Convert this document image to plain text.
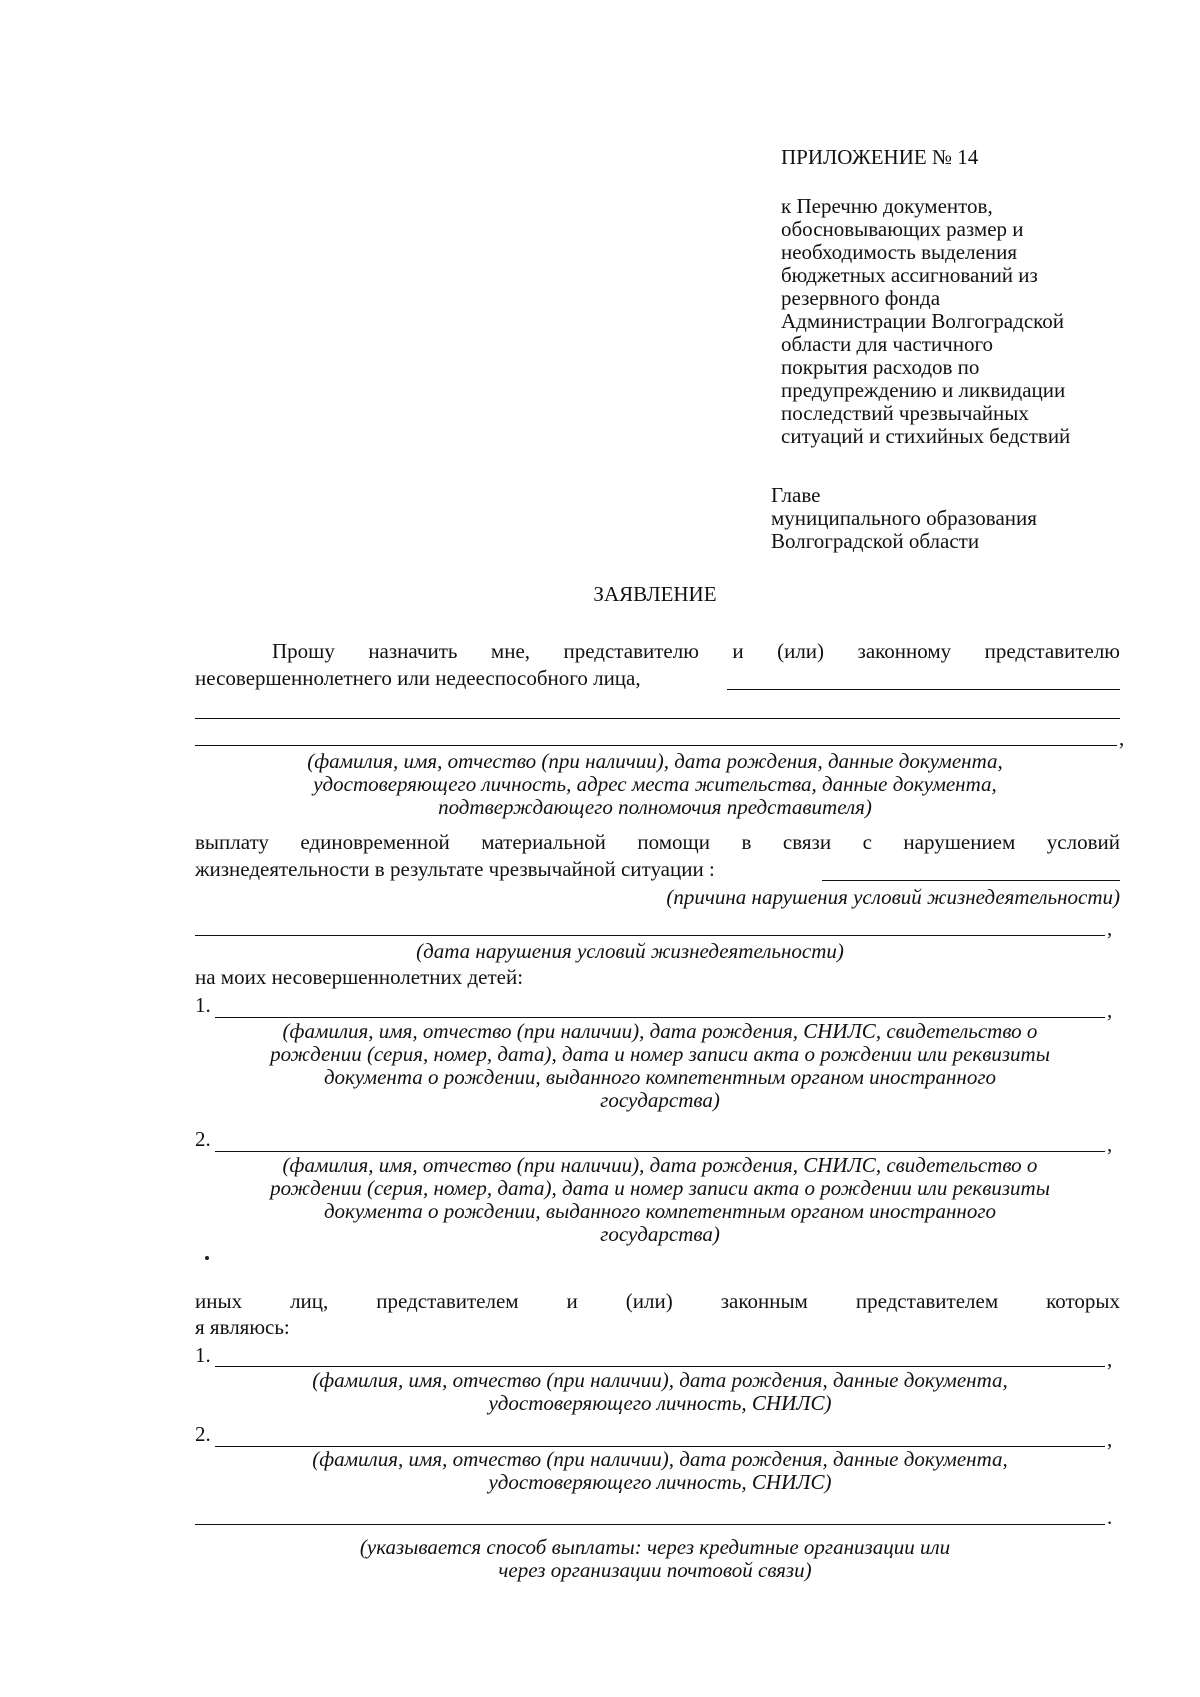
ПРИЛОЖЕНИЕ № 14
к Перечню документов,
обосновывающих размер и
необходимость выделения
бюджетных ассигнований из
резервного фонда
Администрации Волгоградской
области для частичного
покрытия расходов по
предупреждению и ликвидации
последствий чрезвычайных
ситуаций и стихийных бедствий
Главе
муниципального образования
Волгоградской области
ЗАЯВЛЕНИЕ
Прошу назначить мне, представителю и (или) законному представителю
несовершеннолетнего или недееспособного лица,
,
(фамилия, имя, отчество (при наличии), дата рождения, данные документа,
удостоверяющего личность, адрес места жительства, данные документа,
подтверждающего полномочия представителя)
выплату единовременной материальной помощи в связи с нарушением условий
жизнедеятельности в результате чрезвычайной ситуации :
(причина нарушения условий жизнедеятельности)
,
(дата нарушения условий жизнедеятельности)
на моих несовершеннолетних детей:
1.	,
(фамилия, имя, отчество (при наличии), дата рождения, СНИЛС, свидетельство о
рождении (серия, номер, дата), дата и номер записи акта о рождении или реквизиты
документа о рождении, выданного компетентным органом иностранного
государства)
2.	,
(фамилия, имя, отчество (при наличии), дата рождения, СНИЛС, свидетельство о
рождении (серия, номер, дата), дата и номер записи акта о рождении или реквизиты
документа о рождении, выданного компетентным органом иностранного
государства)
иных лиц, представителем и (или) законным представителем которых
я являюсь:
1.	,
(фамилия, имя, отчество (при наличии), дата рождения, данные документа,
удостоверяющего личность, СНИЛС)
2.	,
(фамилия, имя, отчество (при наличии), дата рождения, данные документа,
удостоверяющего личность, СНИЛС)
.
(указывается способ выплаты: через кредитные организации или
через организации почтовой связи)
